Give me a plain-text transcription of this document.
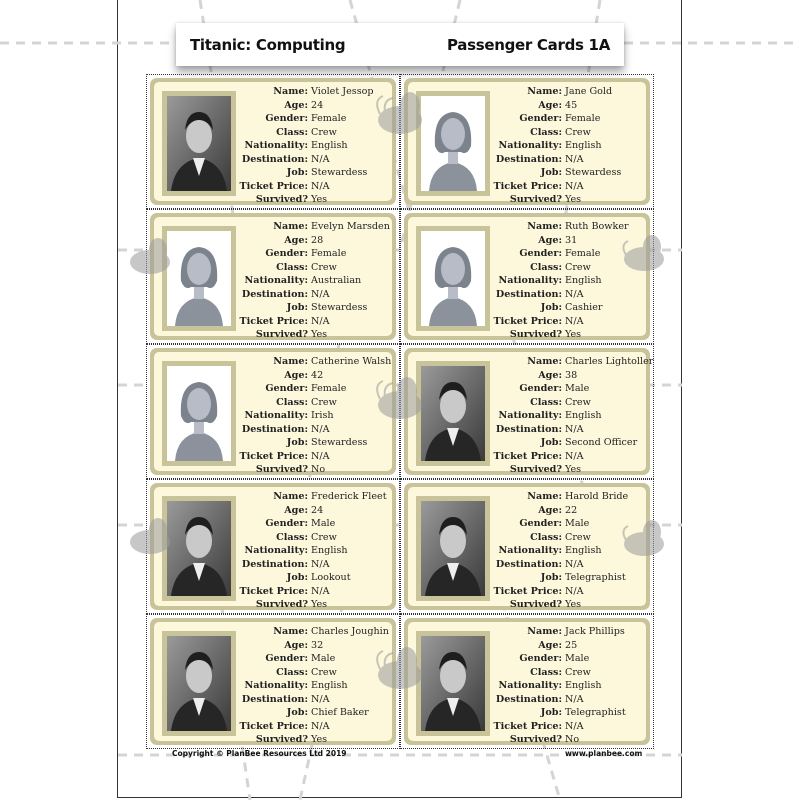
Titanic: Computing	Passenger Cards 1A
Name: Violet Jessop
Age: 24
Gender: Female
Class: Crew
Nationality: English
Destination: N/A
Job: Stewardess
Ticket Price: N/A
Survived? Yes
Name: Jane Gold
Age: 45
Gender: Female
Class: Crew
Nationality: English
Destination: N/A
Job: Stewardess
Ticket Price: N/A
Survived? Yes
Name: Evelyn Marsden
Age: 28
Gender: Female
Class: Crew
Nationality: Australian
Destination: N/A
Job: Stewardess
Ticket Price: N/A
Survived? Yes
Name: Ruth Bowker
Age: 31
Gender: Female
Class: Crew
Nationality: English
Destination: N/A
Job: Cashier
Ticket Price: N/A
Survived? Yes
Name: Catherine Walsh
Age: 42
Gender: Female
Class: Crew
Nationality: Irish
Destination: N/A
Job: Stewardess
Ticket Price: N/A
Survived? No
Name: Charles Lightoller
Age: 38
Gender: Male
Class: Crew
Nationality: English
Destination: N/A
Job: Second Officer
Ticket Price: N/A
Survived? Yes
Name: Frederick Fleet
Age: 24
Gender: Male
Class: Crew
Nationality: English
Destination: N/A
Job: Lookout
Ticket Price: N/A
Survived? Yes
Name: Harold Bride
Age: 22
Gender: Male
Class: Crew
Nationality: English
Destination: N/A
Job: Telegraphist
Ticket Price: N/A
Survived? Yes
Name: Charles Joughin
Age: 32
Gender: Male
Class: Crew
Nationality: English
Destination: N/A
Job: Chief Baker
Ticket Price: N/A
Survived? Yes
Name: Jack Phillips
Age: 25
Gender: Male
Class: Crew
Nationality: English
Destination: N/A
Job: Telegraphist
Ticket Price: N/A
Survived? No
Copyright © PlanBee Resources Ltd 2019	www.planbee.com
